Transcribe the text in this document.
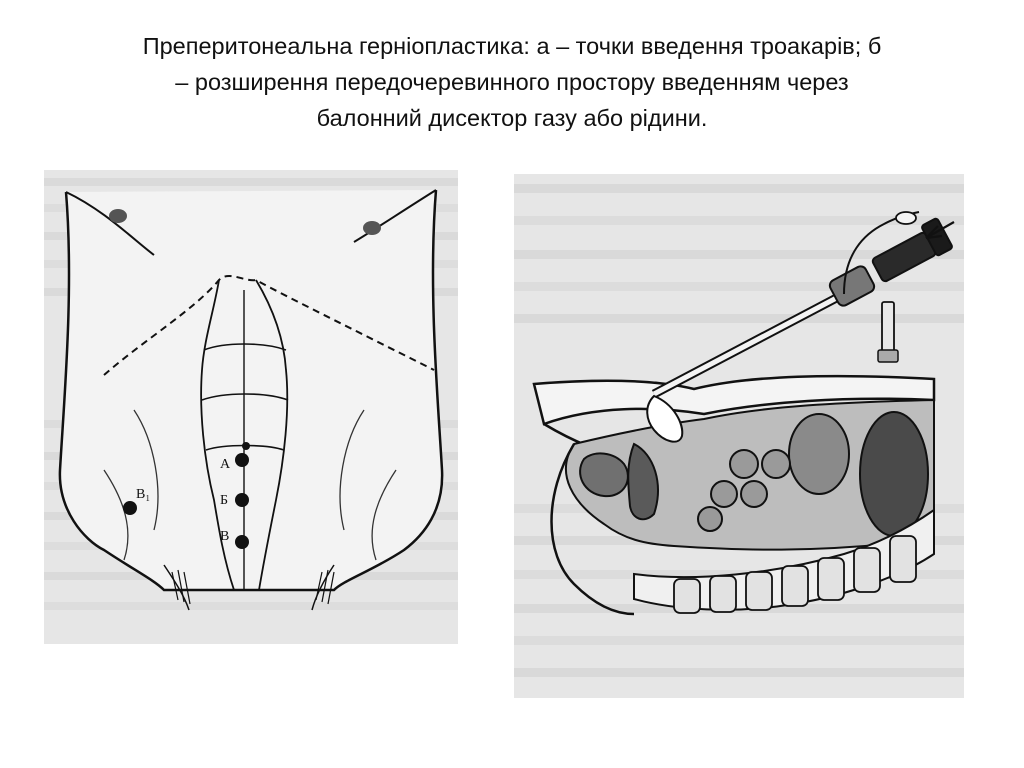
Преперитонеальна герніопластика: а – точки введення троакарів; б
– розширення передочеревинного простору введенням через
балонний дисектор газу або рідини.
A
Б
B
B₁
